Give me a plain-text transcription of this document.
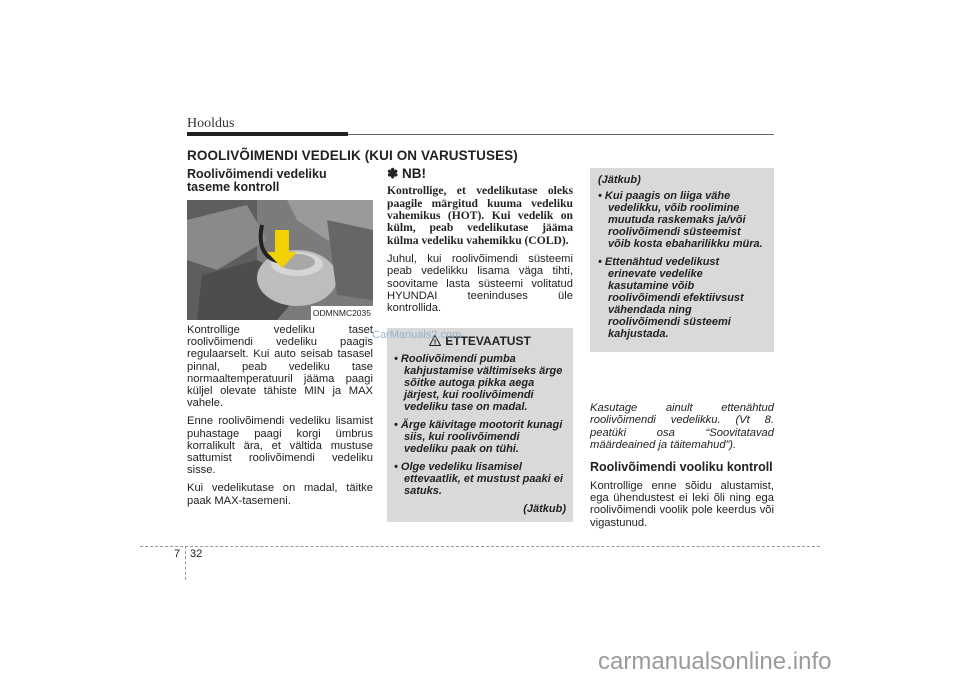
Hooldus
ROOLIVÕIMENDI VEDELIK (KUI ON VARUSTUSES)
Roolivõimendi vedeliku
taseme kontroll
ODMNMC2035

Kontrollige vedeliku taset roolivõimendi vedeliku paagis regulaarselt. Kui auto seisab tasasel pinnal, peab vedeliku tase normaaltemperatuuril jääma paagi küljel olevate tähiste MIN ja MAX vahele.

Enne roolivõimendi vedeliku lisamist puhastage paagi korgi ümbrus korralikult ära, et vältida mustuse sattumist roolivõimendi vedeliku sisse.

Kui vedelikutase on madal, täitke paak MAX-tasemeni.

✽ NB!

Kontrollige, et vedelikutase oleks paagile märgitud kuuma vedeliku vahemikus (HOT). Kui vedelik on külm, peab vedelikutase jääma külma vedeliku vahemikku (COLD).

Juhul, kui roolivõimendi süsteemi peab vedelikku lisama väga tihti, soovitame lasta süsteemi volitatud HYUNDAI teeninduses üle kontrollida.

! ETTEVAATUST
• Roolivõimendi pumba kahjustamise vältimiseks ärge sõitke autoga pikka aega järjest, kui roolivõimendi vedeliku tase on madal.
• Ärge käivitage mootorit kunagi siis, kui roolivõimendi vedeliku paak on tühi.
• Olge vedeliku lisamisel ettevaatlik, et mustust paaki ei satuks.
(Jätkub)
CarManuals2.com
(Jätkub)
• Kui paagis on liiga vähe vedelikku, võib roolimine muutuda raskemaks ja/või roolivõimendi süsteemist võib kosta ebaharilikku müra.
• Ettenähtud vedelikust erinevate vedelike kasutamine võib roolivõimendi efektiivsust vähendada ning roolivõimendi süsteemi kahjustada.

Kasutage ainult ettenähtud roolivõimendi vedelikku. (Vt 8. peatüki osa “Soovitatavad määrdeained ja täitemahud”).

Roolivõimendi vooliku kontroll

Kontrollige enne sõidu alustamist, ega ühendustest ei leki õli ning ega roolivõimendi voolik pole keerdus või vigastunud.

7 32
carmanualsonline.info
